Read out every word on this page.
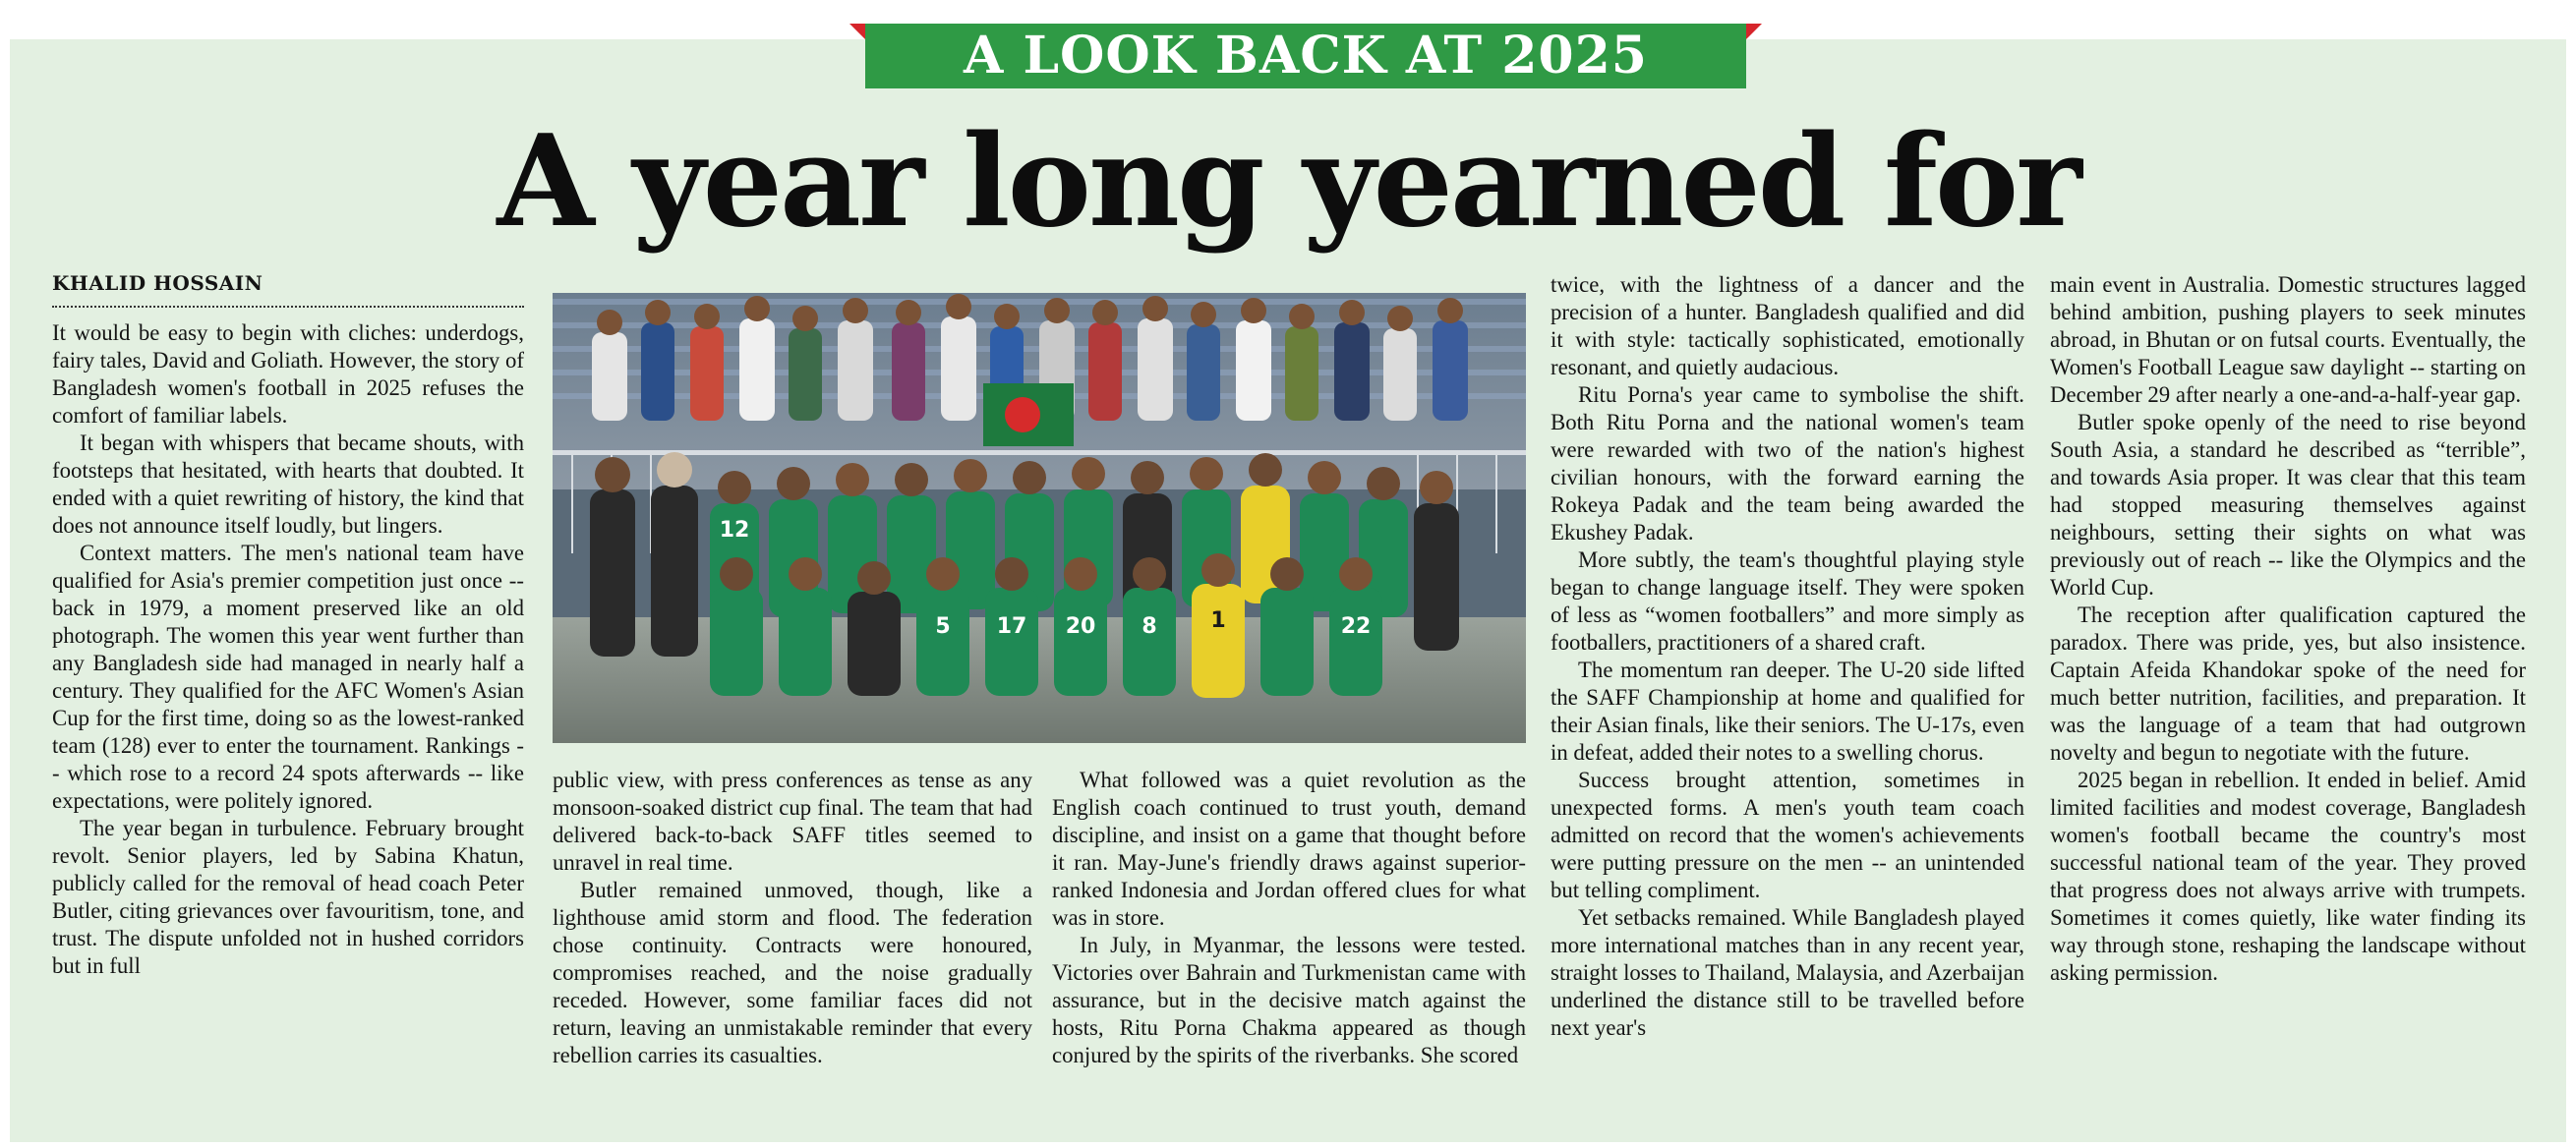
A LOOK BACK AT 2025
A year long yearned for
KHALID HOSSAIN
12
17 20 8 1
5	22

It would be easy to begin with cliches: underdogs, fairy tales, David and Goliath. However, the story of Bangladesh women's football in 2025 refuses the comfort of familiar labels.

It began with whispers that became shouts, with footsteps that hesitated, with hearts that doubted. It ended with a quiet rewriting of history, the kind that does not announce itself loudly, but lingers.

Context matters. The men's national team have qualified for Asia's premier competition just once -- back in 1979, a moment preserved like an old photograph. The women this year went further than any Bangladesh side had managed in nearly half a century. They qualified for the AFC Women's Asian Cup for the first time, doing so as the lowest-ranked team (128) ever to enter the tournament. Rankings -- which rose to a record 24 spots afterwards -- like expectations, were politely ignored.

The year began in turbulence. February brought revolt. Senior players, led by Sabina Khatun, publicly called for the removal of head coach Peter Butler, citing grievances over favouritism, tone, and trust. The dispute unfolded not in hushed corridors but in full

public view, with press conferences as tense as any monsoon-soaked district cup final. The team that had delivered back-to-back SAFF titles seemed to unravel in real time.

Butler remained unmoved, though, like a lighthouse amid storm and flood. The federation chose continuity. Contracts were honoured, compromises reached, and the noise gradually receded. However, some familiar faces did not return, leaving an unmistakable reminder that every rebellion carries its casualties.

What followed was a quiet revolution as the English coach continued to trust youth, demand discipline, and insist on a game that thought before it ran. May-June's friendly draws against superior-ranked Indonesia and Jordan offered clues for what was in store.

In July, in Myanmar, the lessons were tested. Victories over Bahrain and Turkmenistan came with assurance, but in the decisive match against the hosts, Ritu Porna Chakma appeared as though conjured by the spirits of the riverbanks. She scored

twice, with the lightness of a dancer and the precision of a hunter. Bangladesh qualified and did it with style: tactically sophisticated, emotionally resonant, and quietly audacious.

Ritu Porna's year came to symbolise the shift. Both Ritu Porna and the national women's team were rewarded with two of the nation's highest civilian honours, with the forward earning the Rokeya Padak and the team being awarded the Ekushey Padak.

More subtly, the team's thoughtful playing style began to change language itself. They were spoken of less as “women footballers” and more simply as footballers, practitioners of a shared craft.

The momentum ran deeper. The U-20 side lifted the SAFF Championship at home and qualified for their Asian finals, like their seniors. The U-17s, even in defeat, added their notes to a swelling chorus.

Success brought attention, sometimes in unexpected forms. A men's youth team coach admitted on record that the women's achievements were putting pressure on the men -- an unintended but telling compliment.

Yet setbacks remained. While Bangladesh played more international matches than in any recent year, straight losses to Thailand, Malaysia, and Azerbaijan underlined the distance still to be travelled before next year's

main event in Australia. Domestic structures lagged behind ambition, pushing players to seek minutes abroad, in Bhutan or on futsal courts. Eventually, the Women's Football League saw daylight -- starting on December 29 after nearly a one-and-a-half-year gap.

Butler spoke openly of the need to rise beyond South Asia, a standard he described as “terrible”, and towards Asia proper. It was clear that this team had stopped measuring themselves against neighbours, setting their sights on what was previously out of reach -- like the Olympics and the World Cup.

The reception after qualification captured the paradox. There was pride, yes, but also insistence. Captain Afeida Khandokar spoke of the need for much better nutrition, facilities, and preparation. It was the language of a team that had outgrown novelty and begun to negotiate with the future.

2025 began in rebellion. It ended in belief. Amid limited facilities and modest coverage, Bangladesh women's football became the country's most successful national team of the year. They proved that progress does not always arrive with trumpets. Sometimes it comes quietly, like water finding its way through stone, reshaping the landscape without asking permission.
